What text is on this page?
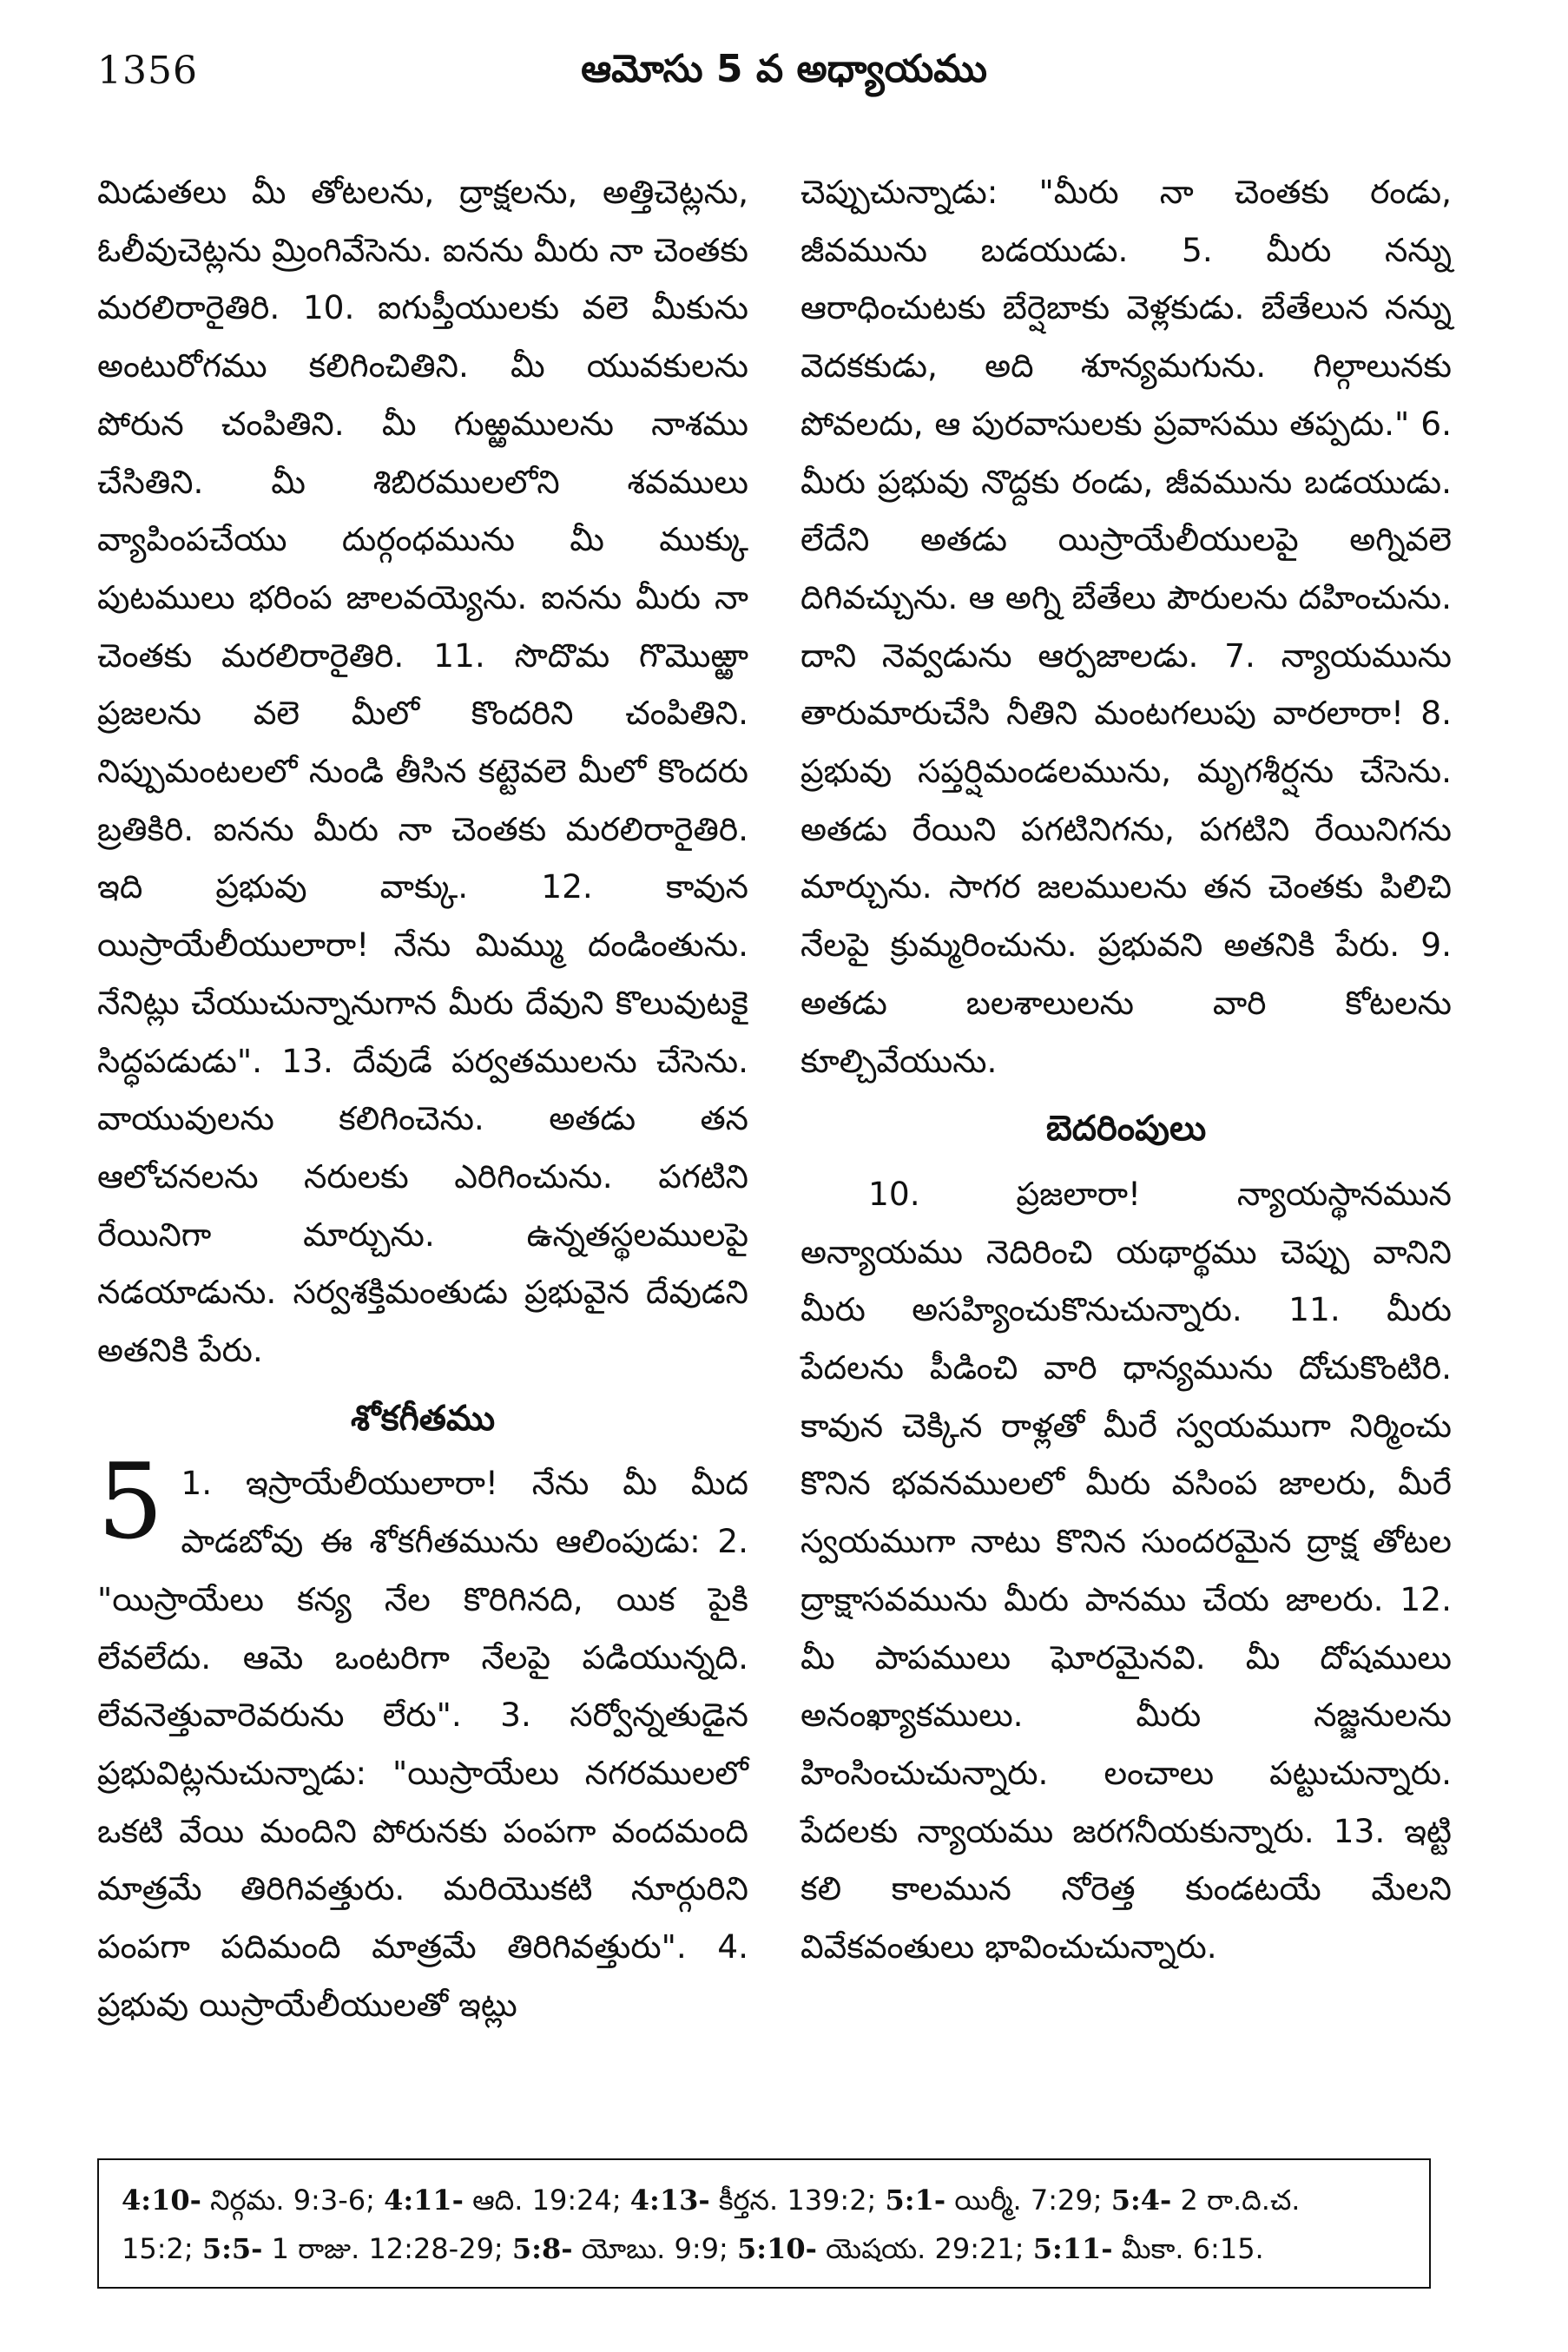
1356	ఆమోసు 5 వ అధ్యాయము

మిడుతలు మీ తోటలను, ద్రాక్షలను, అత్తిచెట్లను, ఓలీవుచెట్లను మ్రింగివేసెను. ఐనను మీరు నా చెంతకు మరలిరారైతిరి. 10. ఐగుప్తీయులకు వలె మీకును అంటురోగము కలిగించితిని. మీ యువకులను పోరున చంపితిని. మీ గుఱ్ఱములను నాశము చేసితిని. మీ శిబిరములలోని శవములు వ్యాపింపచేయు దుర్గంధమును మీ ముక్కు పుటములు భరింప జాలవయ్యెను. ఐనను మీరు నా చెంతకు మరలిరారైతిరి. 11. సొదొమ గొమొఱ్ఱా ప్రజలను వలె మీలో కొందరిని చంపితిని. నిప్పుమంటలలో నుండి తీసిన కట్టెవలె మీలో కొందరు బ్రతికిరి. ఐనను మీరు నా చెంతకు మరలిరారైతిరి. ఇది ప్రభువు వాక్కు. 12. కావున యిస్రాయేలీయులారా! నేను మిమ్ము దండింతును. నేనిట్లు చేయుచున్నానుగాన మీరు దేవుని కొలువుటకై సిద్ధపడుడు". 13. దేవుడే పర్వతములను చేసెను. వాయువులను కలిగించెను. అతడు తన ఆలోచనలను నరులకు ఎరిగించును. పగటిని రేయినిగా మార్చును. ఉన్నతస్థలములపై నడయాడును. సర్వశక్తిమంతుడు ప్రభువైన దేవుడని అతనికి పేరు.

శోకగీతము

5 1. ఇస్రాయేలీయులారా! నేను మీ మీద పాడబోవు ఈ శోకగీతమును ఆలింపుడు: 2. "యిస్రాయేలు కన్య నేల కొరిగినది, యిక పైకి లేవలేదు. ఆమె ఒంటరిగా నేలపై పడియున్నది. లేవనెత్తువారెవరును లేరు". 3. సర్వోన్నతుడైన ప్రభువిట్లనుచున్నాడు: "యిస్రాయేలు నగరములలో ఒకటి వేయి మందిని పోరునకు పంపగా వందమంది మాత్రమే తిరిగివత్తురు. మరియొకటి నూర్గురిని పంపగా పదిమంది మాత్రమే తిరిగివత్తురు". 4. ప్రభువు యిస్రాయేలీయులతో ఇట్లు

చెప్పుచున్నాడు: "మీరు నా చెంతకు రండు, జీవమును బడయుడు. 5. మీరు నన్ను ఆరాధించుటకు బేర్షెబాకు వెళ్లకుడు. బేతేలున నన్ను వెదకకుడు, అది శూన్యమగును. గిల్గాలునకు పోవలదు, ఆ పురవాసులకు ప్రవాసము తప్పదు." 6. మీరు ప్రభువు నొద్దకు రండు, జీవమును బడయుడు. లేదేని అతడు యిస్రాయేలీయులపై అగ్నివలె దిగివచ్చును. ఆ అగ్ని బేతేలు పౌరులను దహించును. దాని నెవ్వడును ఆర్పజాలడు. 7. న్యాయమును తారుమారుచేసి నీతిని మంటగలుపు వారలారా! 8. ప్రభువు సప్తర్షిమండలమును, మృగశీర్షను చేసెను. అతడు రేయిని పగటినిగను, పగటిని రేయినిగను మార్చును. సాగర జలములను తన చెంతకు పిలిచి నేలపై క్రుమ్మరించును. ప్రభువని అతనికి పేరు. 9. అతడు బలశాలులను వారి కోటలను కూల్చివేయును.

బెదరింపులు

10. ప్రజలారా! న్యాయస్థానమున అన్యాయము నెదిరించి యథార్థము చెప్పు వానిని మీరు అసహ్యించుకొనుచున్నారు. 11. మీరు పేదలను పీడించి వారి ధాన్యమును దోచుకొంటిరి. కావున చెక్కిన రాళ్లతో మీరే స్వయముగా నిర్మించు కొనిన భవనములలో మీరు వసింప జాలరు, మీరే స్వయముగా నాటు కొనిన సుందరమైన ద్రాక్ష తోటల ద్రాక్షాసవమును మీరు పానము చేయ జాలరు. 12. మీ పాపములు ఘోరమైనవి. మీ దోషములు అనంఖ్యాకములు. మీరు నజ్జనులను హింసించుచున్నారు. లంచాలు పట్టుచున్నారు. పేదలకు న్యాయము జరగనీయకున్నారు. 13. ఇట్టి కలి కాలమున నోరెత్త కుండటయే మేలని వివేకవంతులు భావించుచున్నారు.

4:10- నిర్గమ. 9:3-6; 4:11- ఆది. 19:24; 4:13- కీర్తన. 139:2; 5:1- యిర్మీ. 7:29; 5:4- 2 రా.ది.చ.
15:2; 5:5- 1 రాజు. 12:28-29; 5:8- యోబు. 9:9; 5:10- యెషయ. 29:21; 5:11- మీకా. 6:15.
